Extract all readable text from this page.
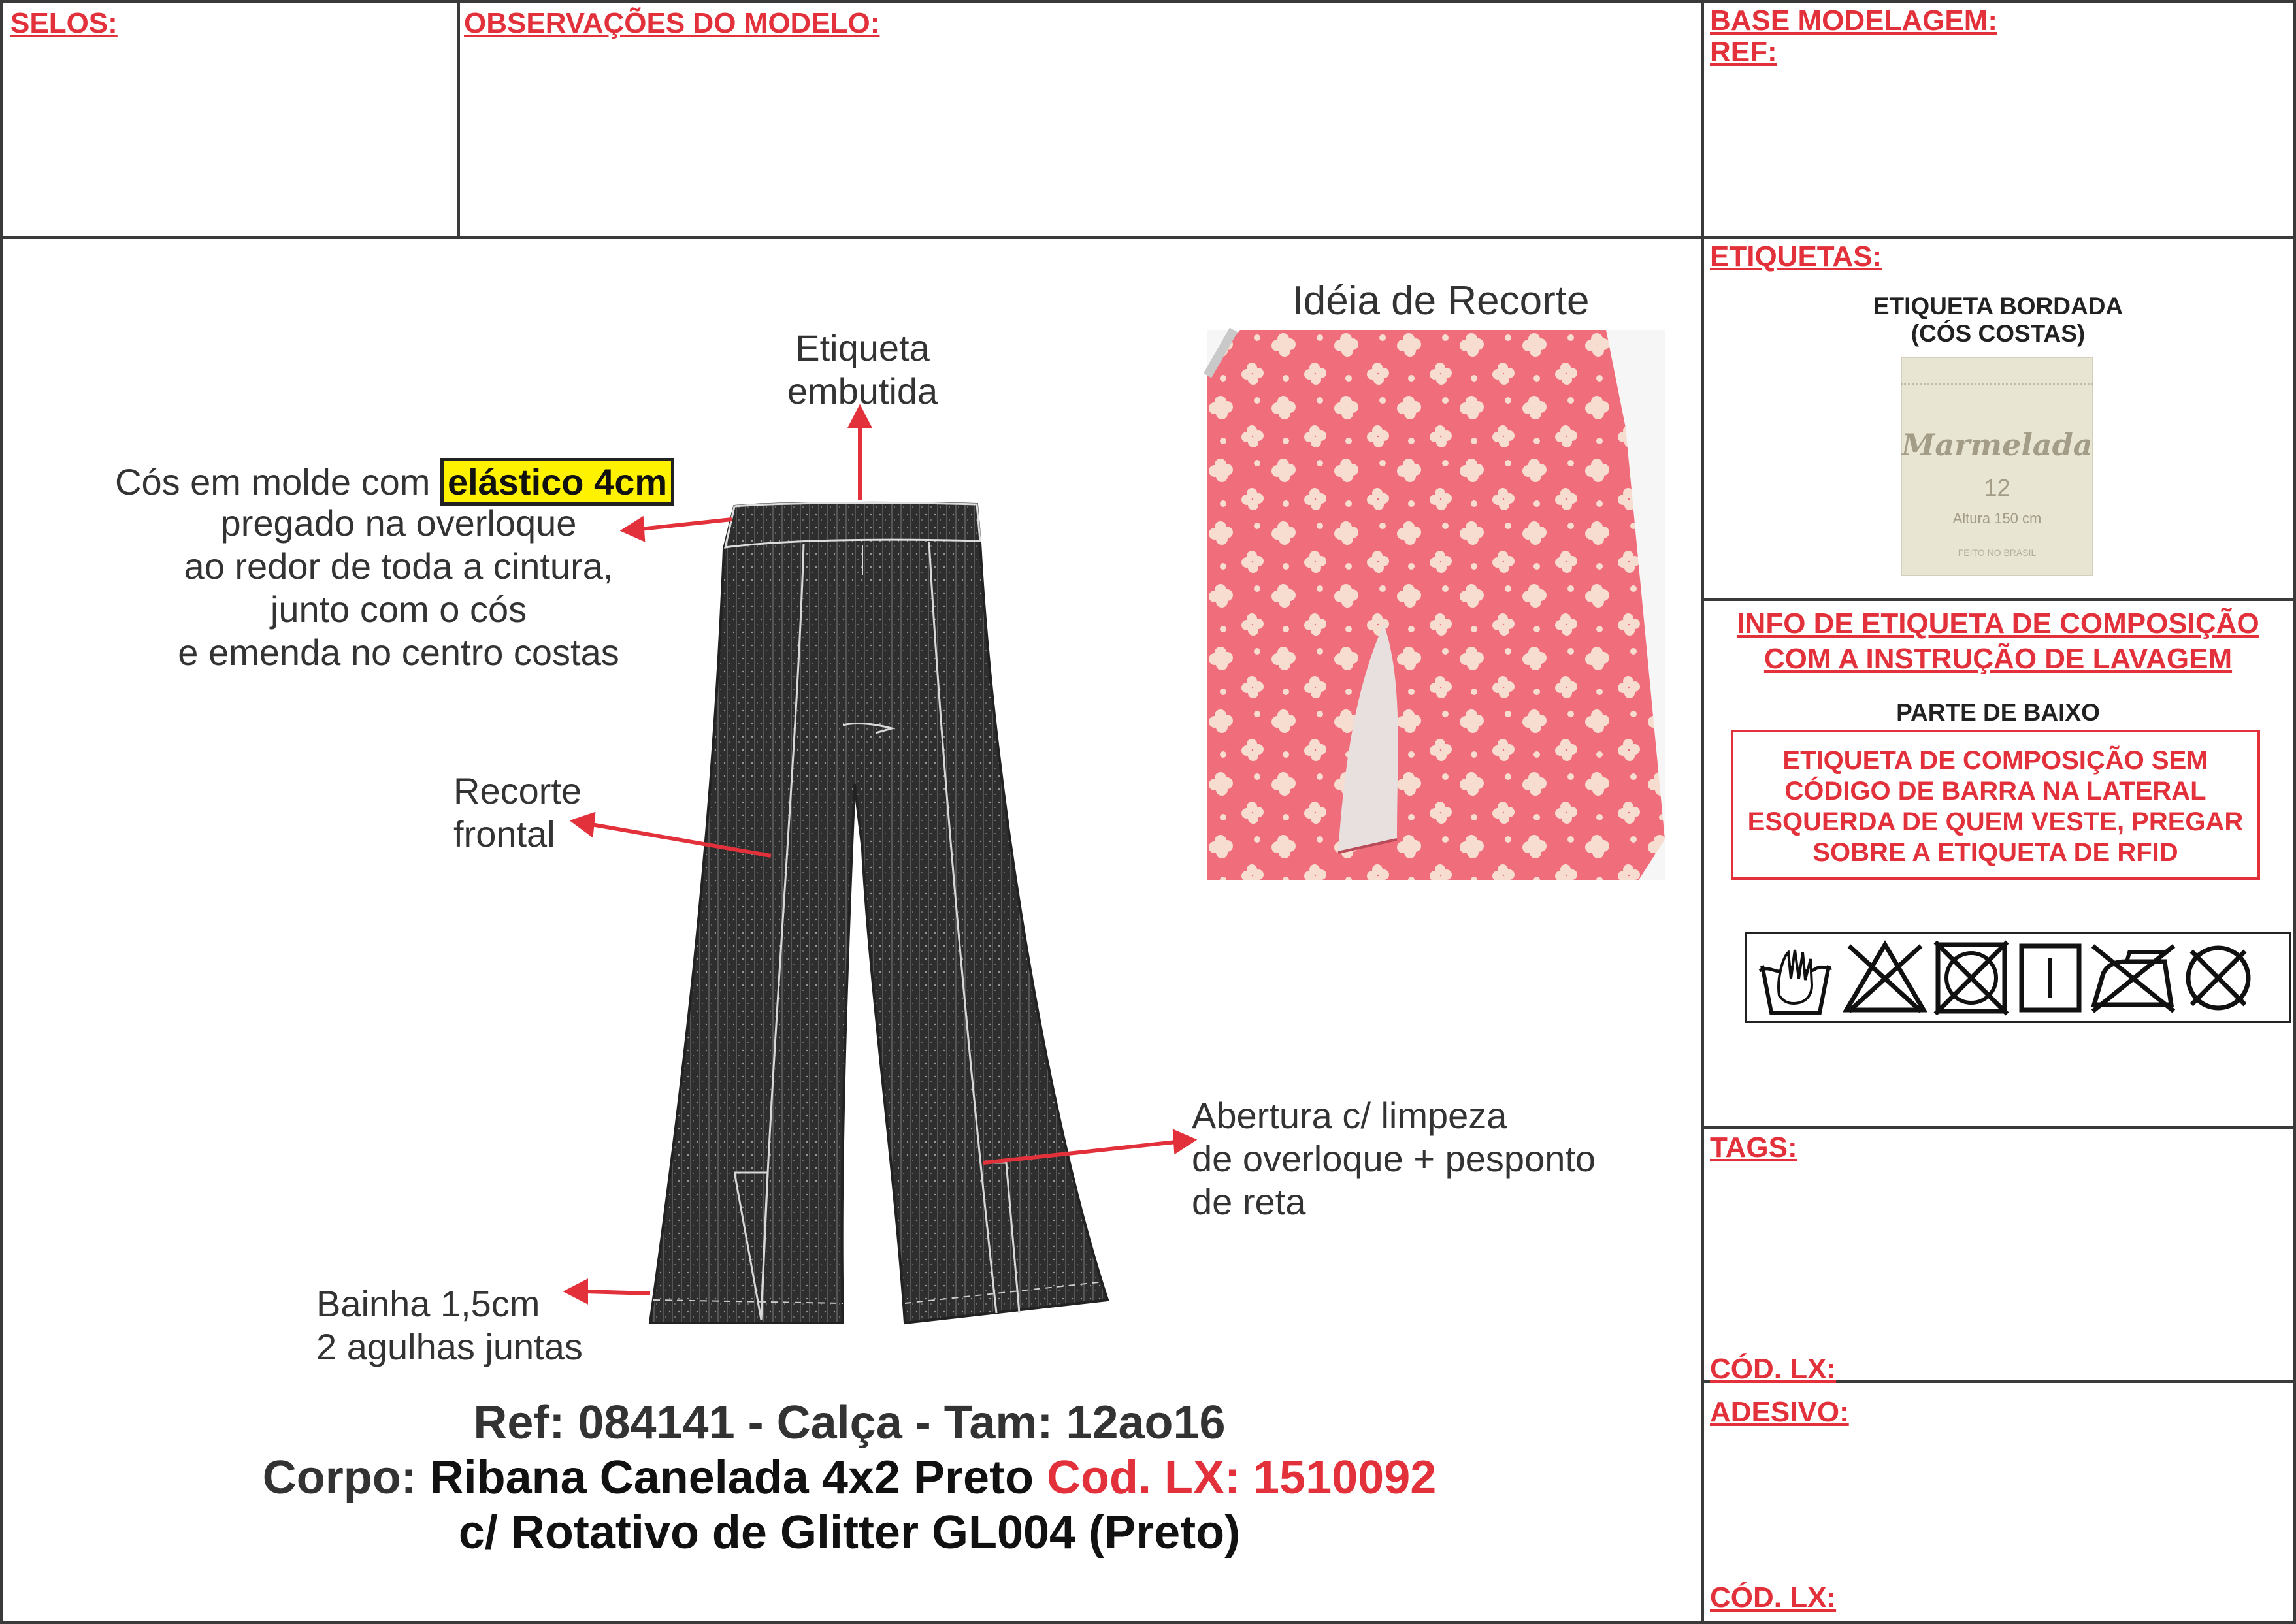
SELOS:	OBSERVAÇÕES DO MODELO:	BASE MODELAGEM:
REF:
Etiqueta
embutida
Cós em molde com elástico 4cm
pregado na overloque
ao redor de toda a cintura,
junto com o cós
e emenda no centro costas
Recorte
frontal
Abertura c/ limpeza
de overloque + pesponto
de reta
Bainha 1,5cm
2 agulhas juntas
Idéia de Recorte
Ref: 084141 - Calça - Tam: 12ao16
Corpo: Ribana Canelada 4x2 Preto Cod. LX: 1510092
c/ Rotativo de Glitter GL004 (Preto)
ETIQUETAS:
ETIQUETA BORDADA
(CÓS COSTAS)
Marmelada
12
Altura 150 cm
FEITO NO BRASIL
INFO DE ETIQUETA DE COMPOSIÇÃO
COM A INSTRUÇÃO DE LAVAGEM
PARTE DE BAIXO
ETIQUETA DE COMPOSIÇÃO SEM
CÓDIGO DE BARRA NA LATERAL
ESQUERDA DE QUEM VESTE, PREGAR
SOBRE A ETIQUETA DE RFID
TAGS:
CÓD. LX:
ADESIVO:
CÓD. LX:
